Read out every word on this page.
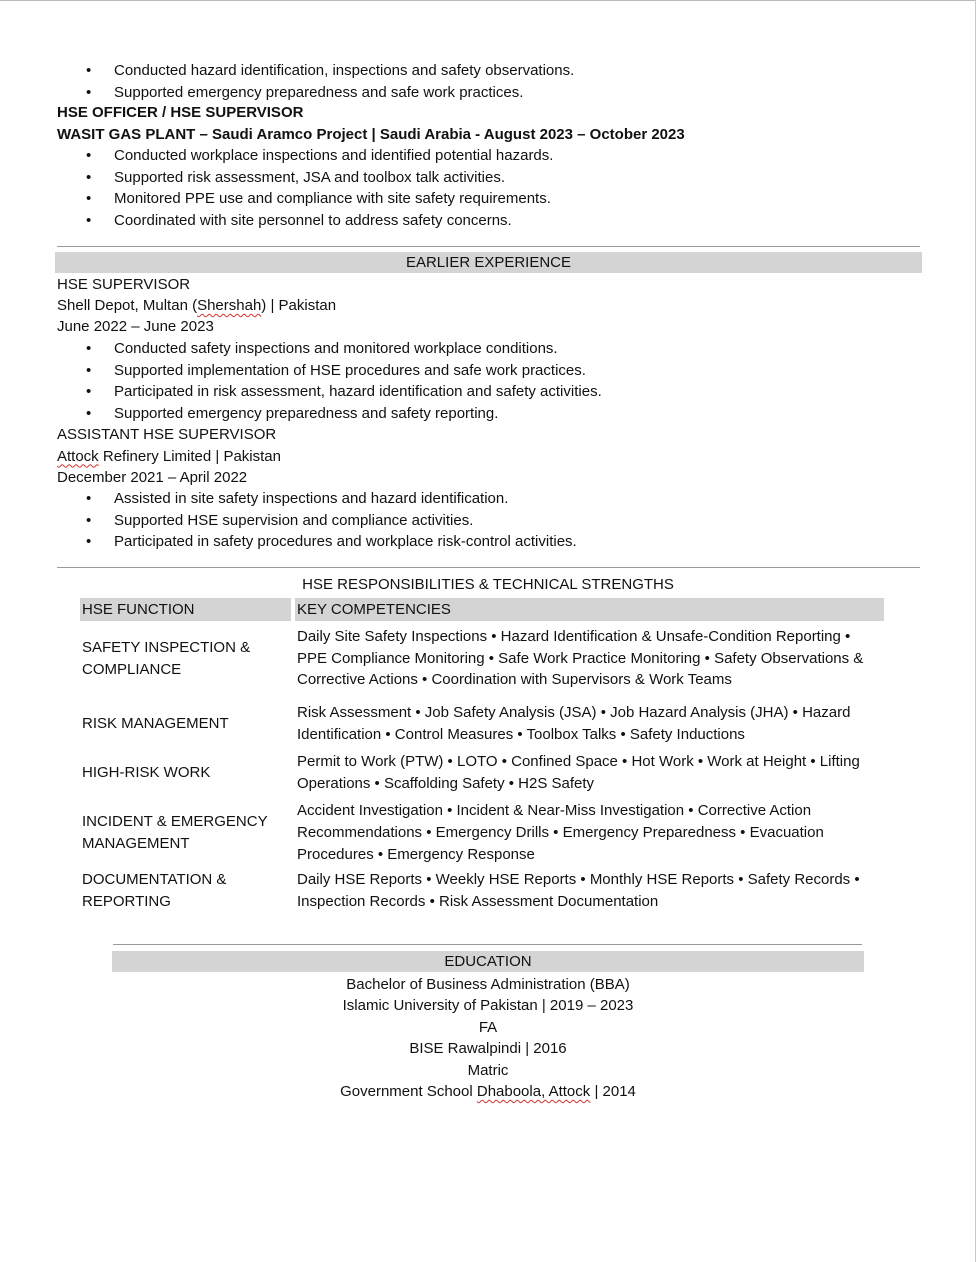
• Conducted hazard identification, inspections and safety observations.
• Supported emergency preparedness and safe work practices.
HSE OFFICER / HSE SUPERVISOR
WASIT GAS PLANT – Saudi Aramco Project | Saudi Arabia - August 2023 – October 2023
• Conducted workplace inspections and identified potential hazards.
• Supported risk assessment, JSA and toolbox talk activities.
• Monitored PPE use and compliance with site safety requirements.
• Coordinated with site personnel to address safety concerns.
EARLIER EXPERIENCE
HSE SUPERVISOR
Shell Depot, Multan (Shershah) | Pakistan
June 2022 – June 2023
• Conducted safety inspections and monitored workplace conditions.
• Supported implementation of HSE procedures and safe work practices.
• Participated in risk assessment, hazard identification and safety activities.
• Supported emergency preparedness and safety reporting.
ASSISTANT HSE SUPERVISOR
Attock Refinery Limited | Pakistan
December 2021 – April 2022
• Assisted in site safety inspections and hazard identification.
• Supported HSE supervision and compliance activities.
• Participated in safety procedures and workplace risk-control activities.
HSE RESPONSIBILITIES & TECHNICAL STRENGTHS
HSE FUNCTION		KEY COMPETENCIES

SAFETY INSPECTION & COMPLIANCE		Daily Site Safety Inspections • Hazard Identification & Unsafe-Condition Reporting • PPE Compliance Monitoring • Safe Work Practice Monitoring • Safety Observations & Corrective Actions • Coordination with Supervisors & Work Teams

RISK MANAGEMENT		Risk Assessment • Job Safety Analysis (JSA) • Job Hazard Analysis (JHA) • Hazard Identification • Control Measures • Toolbox Talks • Safety Inductions

HIGH-RISK WORK		Permit to Work (PTW) • LOTO • Confined Space • Hot Work • Work at Height • Lifting Operations • Scaffolding Safety • H2S Safety

INCIDENT & EMERGENCY MANAGEMENT		Accident Investigation • Incident & Near-Miss Investigation • Corrective Action Recommendations • Emergency Drills • Emergency Preparedness • Evacuation Procedures • Emergency Response

DOCUMENTATION & REPORTING		Daily HSE Reports • Weekly HSE Reports • Monthly HSE Reports • Safety Records • Inspection Records • Risk Assessment Documentation
EDUCATION
Bachelor of Business Administration (BBA)
Islamic University of Pakistan | 2019 – 2023
FA
BISE Rawalpindi | 2016
Matric
Government School Dhaboola, Attock | 2014
